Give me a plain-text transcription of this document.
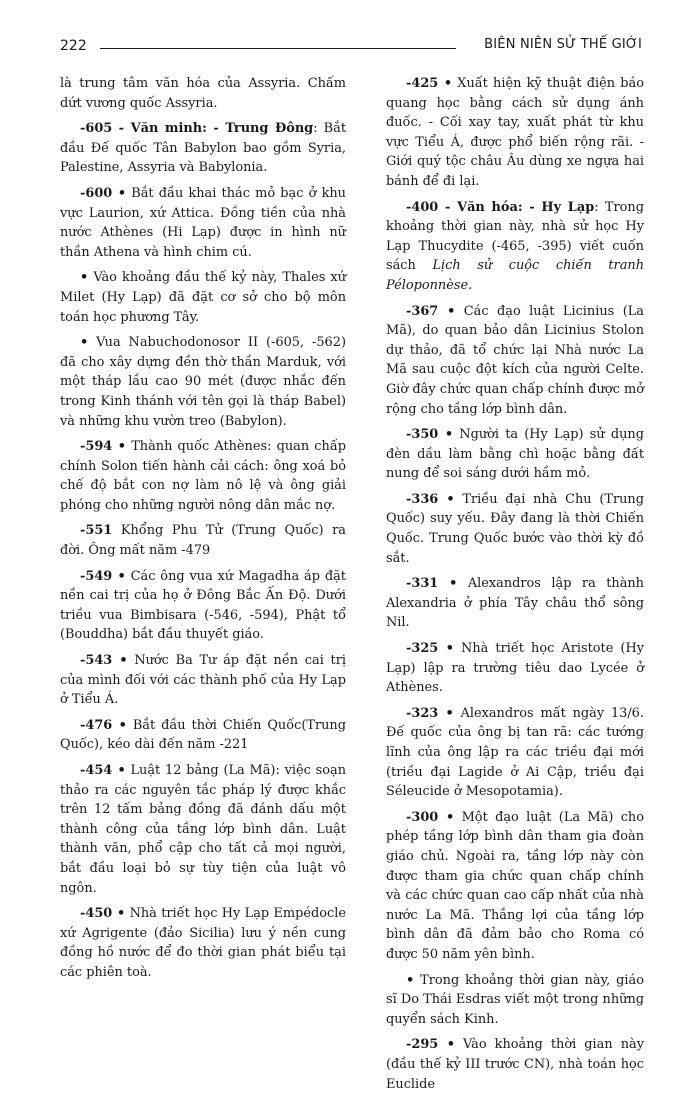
222	BIÊN NIÊN SỬ THẾ GIỚI

là trung tâm văn hóa của Assyria. Chấm dứt vương quốc Assyria.

-605 - Văn minh: - Trung Đông: Bắt đầu Đế quốc Tân Babylon bao gồm Syria, Palestine, Assyria và Babylonia.

-600 • Bắt đầu khai thác mỏ bạc ở khu vực Laurion, xứ Attica. Đồng tiền của nhà nước Athènes (Hi Lạp) được in hình nữ thần Athena và hình chim cú.

• Vào khoảng đầu thế kỷ này, Thales xứ Milet (Hy Lạp) đã đặt cơ sở cho bộ môn toán học phương Tây.

• Vua Nabuchodonosor II (-605, -562) đã cho xây dựng đền thờ thần Marduk, với một tháp lầu cao 90 mét (được nhắc đến trong Kinh thánh với tên gọi là tháp Babel) và những khu vườn treo (Babylon).

-594 • Thành quốc Athènes: quan chấp chính Solon tiến hành cải cách: ông xoá bỏ chế độ bắt con nợ làm nô lệ và ông giải phóng cho những người nông dân mắc nợ.

-551 Khổng Phu Tử (Trung Quốc) ra đời. Ông mất năm -479

-549 • Các ông vua xứ Magadha áp đặt nền cai trị của họ ở Đông Bắc Ấn Độ. Dưới triều vua Bimbisara (-546, -594), Phật tổ (Bouddha) bắt đầu thuyết giáo.

-543 • Nước Ba Tư áp đặt nền cai trị của mình đối với các thành phố của Hy Lạp ở Tiểu Á.

-476 • Bắt đầu thời Chiến Quốc(Trung Quốc), kéo dài đến năm -221

-454 • Luật 12 bảng (La Mã): việc soạn thảo ra các nguyên tắc pháp lý được khắc trên 12 tấm bảng đồng đã đánh dấu một thành công của tầng lớp bình dân. Luật thành văn, phổ cập cho tất cả mọi người, bắt đầu loại bỏ sự tùy tiện của luật vô ngôn.

-450 • Nhà triết học Hy Lạp Empédocle xứ Agrigente (đảo Sicilia) lưu ý nền cung đồng hồ nước để đo thời gian phát biểu tại các phiên toà.

-425 • Xuất hiện kỹ thuật điện báo quang học bằng cách sử dụng ánh đuốc. - Cối xay tay, xuất phát từ khu vực Tiểu Á, được phổ biến rộng rãi. - Giới quý tộc châu Âu dùng xe ngựa hai bánh để đi lại.

-400 - Văn hóa: - Hy Lạp: Trong khoảng thời gian này, nhà sử học Hy Lạp Thucydite (-465, -395) viết cuốn sách Lịch sử cuộc chiến tranh Péloponnèse.

-367 • Các đạo luật Licinius (La Mã), do quan bảo dân Licinius Stolon dự thảo, đã tổ chức lại Nhà nước La Mã sau cuộc đột kích của người Celte. Giờ đây chức quan chấp chính được mở rộng cho tầng lớp bình dân.

-350 • Người ta (Hy Lạp) sử dụng đèn dầu làm bằng chì hoặc bằng đất nung để soi sáng dưới hầm mỏ.

-336 • Triều đại nhà Chu (Trung Quốc) suy yếu. Đây đang là thời Chiến Quốc. Trung Quốc bước vào thời kỳ đồ sắt.

-331 • Alexandros lập ra thành Alexandria ở phía Tây châu thổ sông Nil.

-325 • Nhà triết học Aristote (Hy Lạp) lập ra trường tiêu dao Lycée ở Athènes.

-323 • Alexandros mất ngày 13/6. Đế quốc của ông bị tan rã: các tướng lĩnh của ông lập ra các triều đại mới (triều đại Lagide ở Ai Cập, triều đại Séleucide ở Mesopotamia).

-300 • Một đạo luật (La Mã) cho phép tầng lớp bình dân tham gia đoàn giáo chủ. Ngoài ra, tầng lớp này còn được tham gia chức quan chấp chính và các chức quan cao cấp nhất của nhà nước La Mã. Thắng lợi của tầng lớp bình dân đã đảm bảo cho Roma có được 50 năm yên bình.

• Trong khoảng thời gian này, giáo sĩ Do Thái Esdras viết một trong những quyển sách Kinh.

-295 • Vào khoảng thời gian này (đầu thế kỷ III trước CN), nhà toán học Euclide
